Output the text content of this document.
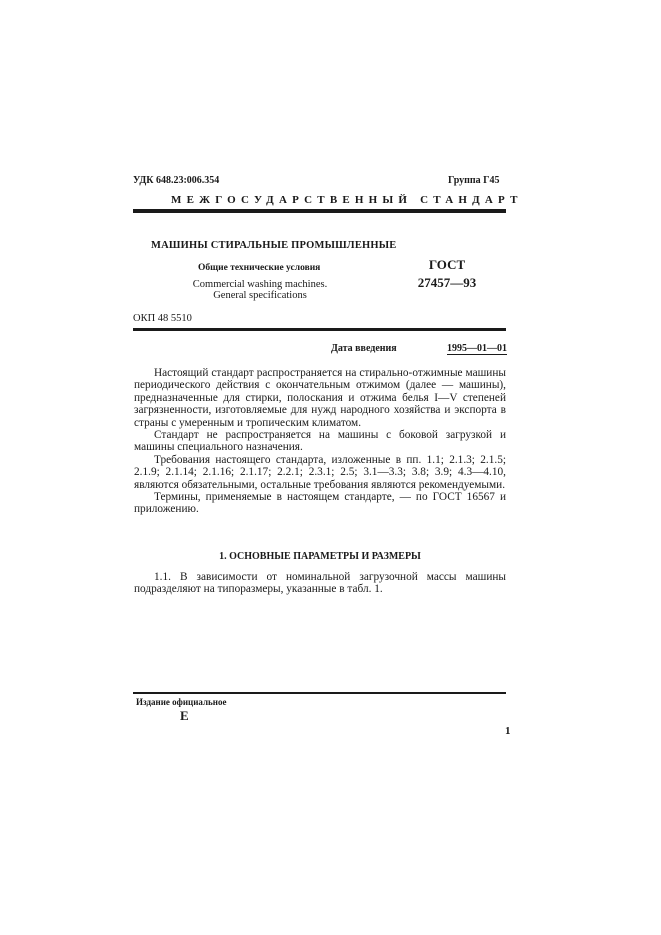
УДК 648.23:006.354	Группа Г45
МЕЖГОСУДАРСТВЕННЫЙ СТАНДАРТ
МАШИНЫ СТИРАЛЬНЫЕ ПРОМЫШЛЕННЫЕ
Общие технические условия
Commercial washing machines.
General specifications
ГОСТ
27457—93
ОКП 48 5510
Дата введения	1995—01—01

Настоящий стандарт распространяется на стирально-отжимные машины периодического действия с окончательным отжимом (далее — машины), предназначенные для стирки, полоскания и отжима белья I—V степеней загрязненности, изготовляемые для нужд народного хозяйства и экспорта в страны с умеренным и тропическим климатом.

Стандарт не распространяется на машины с боковой загрузкой и машины специального назначения.

Требования настоящего стандарта, изложенные в пп. 1.1; 2.1.3; 2.1.5; 2.1.9; 2.1.14; 2.1.16; 2.1.17; 2.2.1; 2.3.1; 2.5; 3.1—3.3; 3.8; 3.9; 4.3—4.10, являются обязательными, остальные требования являются рекомендуемыми.

Термины, применяемые в настоящем стандарте, — по ГОСТ 16567 и приложению.

1. ОСНОВНЫЕ ПАРАМЕТРЫ И РАЗМЕРЫ

1.1. В зависимости от номинальной загрузочной массы машины подразделяют на типоразмеры, указанные в табл. 1.

Издание официальное
Е
1
